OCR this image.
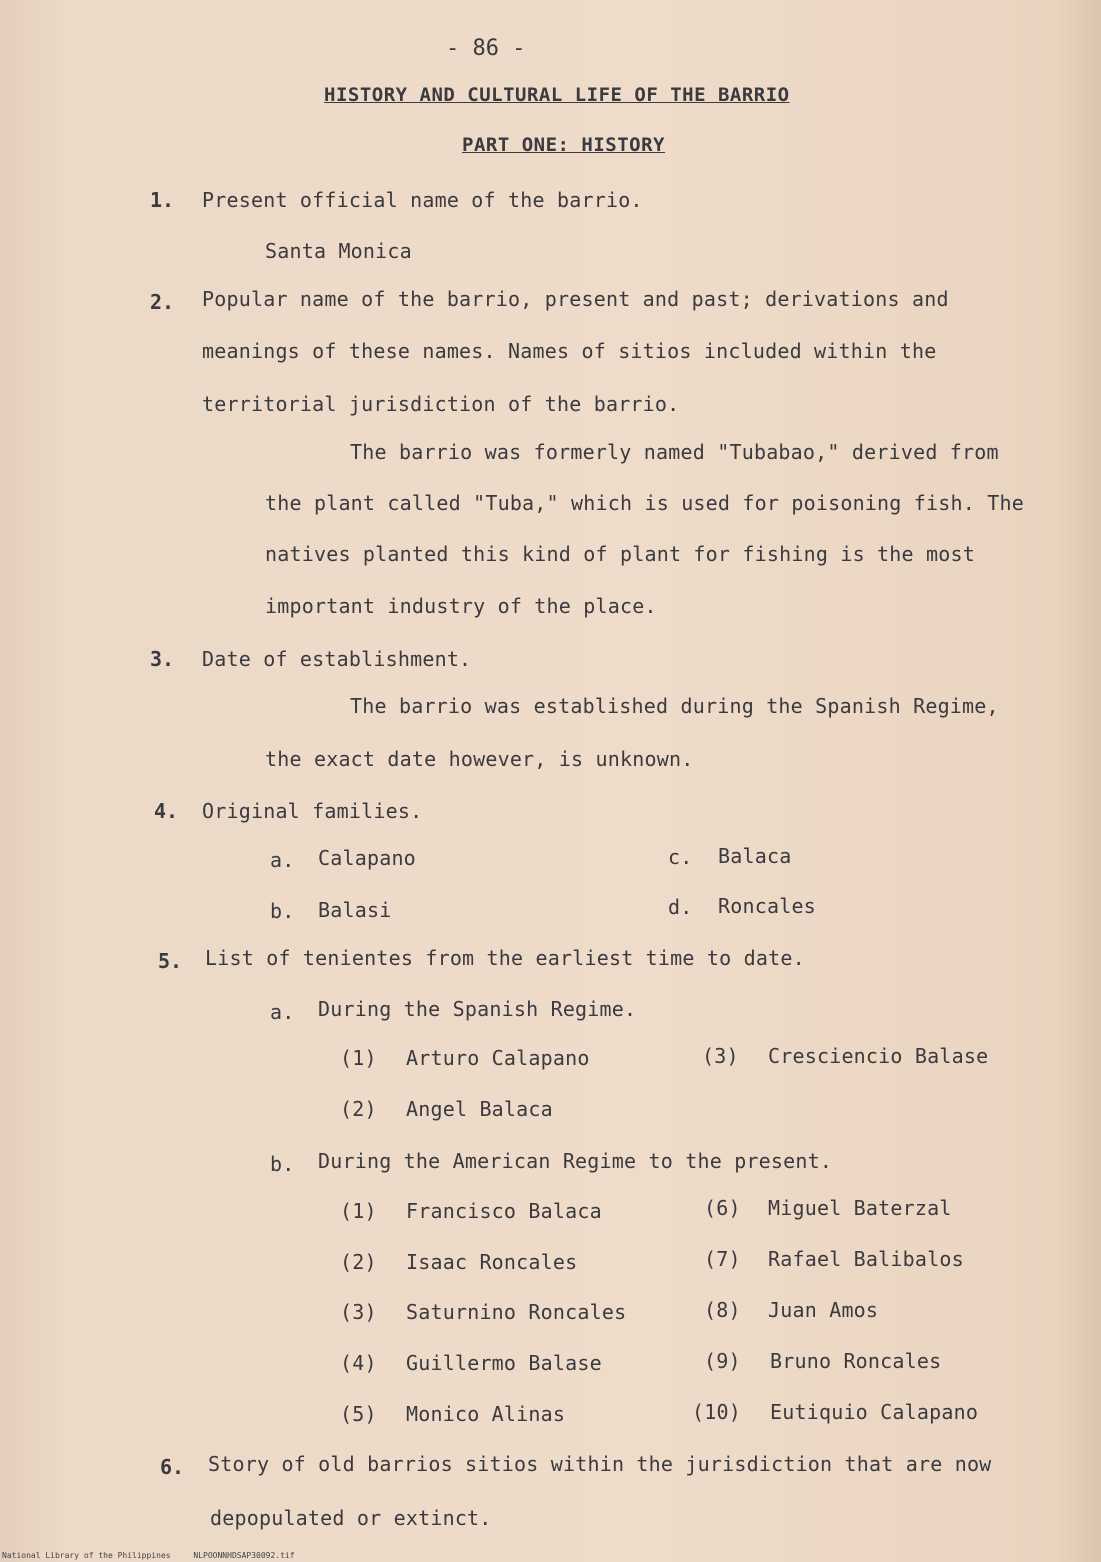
- 86 -
HISTORY AND CULTURAL LIFE OF THE BARRIO
PART ONE: HISTORY
1. Present official name of the barrio.
Santa Monica
2. Popular name of the barrio, present and past; derivations and
meanings of these names. Names of sitios included within the
territorial jurisdiction of the barrio.
The barrio was formerly named "Tubabao," derived from
the plant called "Tuba," which is used for poisoning fish. The
natives planted this kind of plant for fishing is the most
important industry of the place.
3. Date of establishment.
The barrio was established during the Spanish Regime,
the exact date however, is unknown.
4. Original families.
a. Calapano
b. Balasi
c. Balaca
d. Roncales
5. List of tenientes from the earliest time to date.
a. During the Spanish Regime.
(1) Arturo Calapano
(2) Angel Balaca
(3) Cresciencio Balase
b. During the American Regime to the present.
(1) Francisco Balaca
(2) Isaac Roncales
(3) Saturnino Roncales
(4) Guillermo Balase
(5) Monico Alinas
(6) Miguel Baterzal
(7) Rafael Balibalos
(8) Juan Amos
(9) Bruno Roncales
(10) Eutiquio Calapano
6. Story of old barrios sitios within the jurisdiction that are now
depopulated or extinct.
National Library of the Philippines	NLPOONNHDSAP30092.tif
